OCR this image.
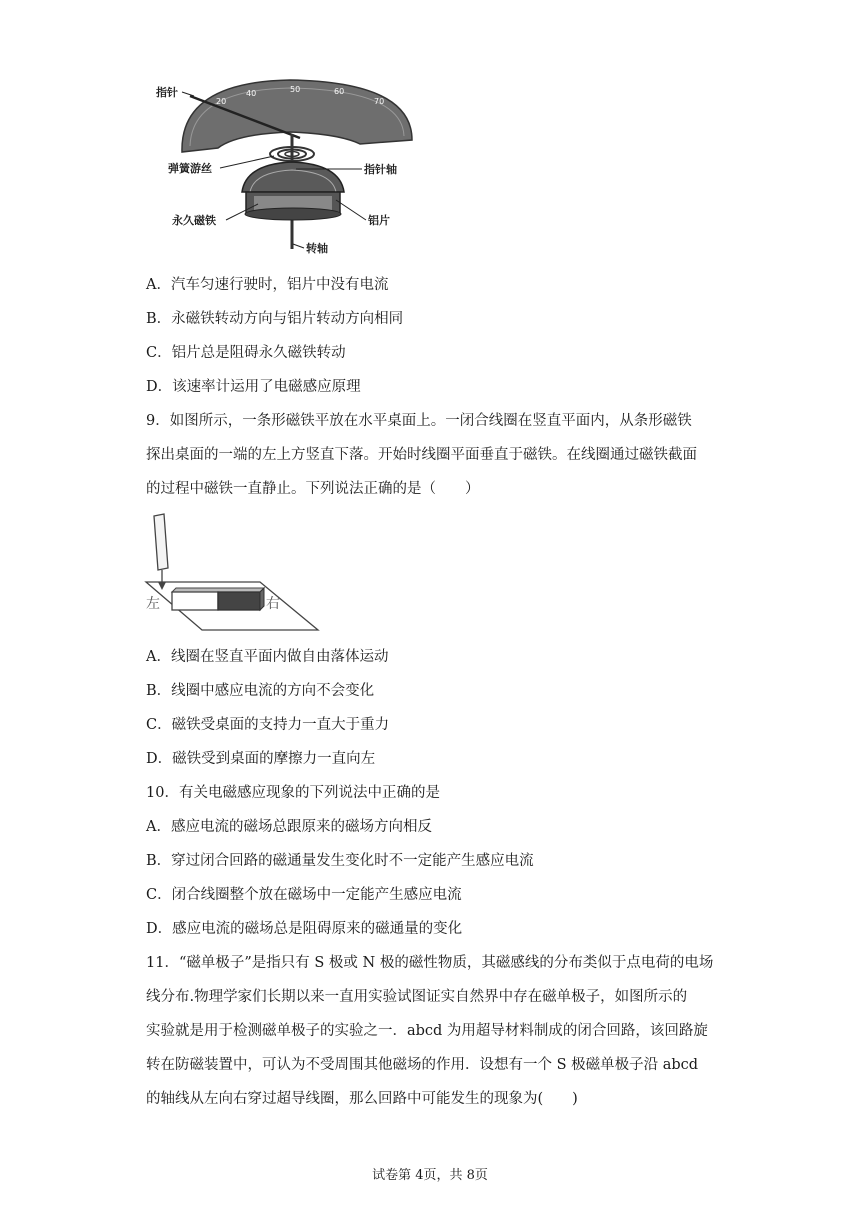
20
40	50	60
70
指针
弹簧游丝	指针轴
永久磁铁	铝片
转轴
A．汽车匀速行驶时，铝片中没有电流
B．永磁铁转动方向与铝片转动方向相同
C．铝片总是阻碍永久磁铁转动
D．该速率计运用了电磁感应原理
9．如图所示，一条形磁铁平放在水平桌面上。一闭合线圈在竖直平面内，从条形磁铁
探出桌面的一端的左上方竖直下落。开始时线圈平面垂直于磁铁。在线圈通过磁铁截面
的过程中磁铁一直静止。下列说法正确的是（　　）
左	右
A．线圈在竖直平面内做自由落体运动
B．线圈中感应电流的方向不会变化
C．磁铁受桌面的支持力一直大于重力
D．磁铁受到桌面的摩擦力一直向左
10．有关电磁感应现象的下列说法中正确的是
A．感应电流的磁场总跟原来的磁场方向相反
B．穿过闭合回路的磁通量发生变化时不一定能产生感应电流
C．闭合线圈整个放在磁场中一定能产生感应电流
D．感应电流的磁场总是阻碍原来的磁通量的变化
11．“磁单极子”是指只有 S 极或 N 极的磁性物质，其磁感线的分布类似于点电荷的电场
线分布.物理学家们长期以来一直用实验试图证实自然界中存在磁单极子，如图所示的
实验就是用于检测磁单极子的实验之一．abcd 为用超导材料制成的闭合回路，该回路旋
转在防磁装置中，可认为不受周围其他磁场的作用．设想有一个 S 极磁单极子沿 abcd
的轴线从左向右穿过超导线圈，那么回路中可能发生的现象为(　　)
试卷第 4页，共 8页
